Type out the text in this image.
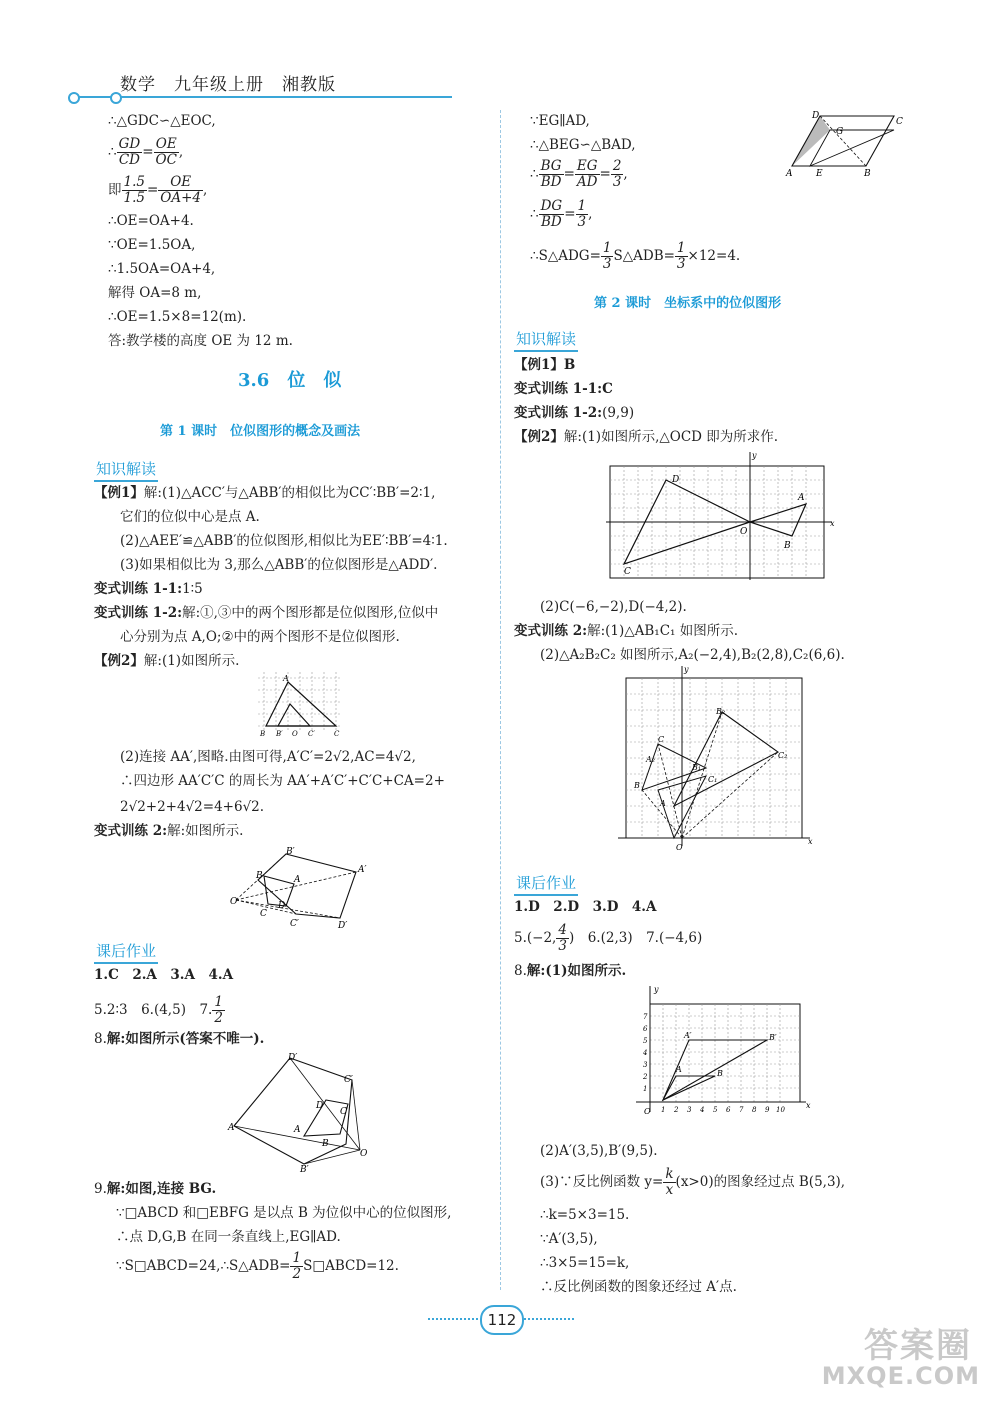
数学　九年级上册　湘教版
∴△GDC∽△EOC,
∴ $\frac{GD}{CD} = \frac{OE}{OC}$ ,
即 $\frac{1.5}{1.5} = \frac{OE}{OA+4}$ ,
∴OE=OA+4.
∵OE=1.5OA,
∴1.5OA=OA+4,
解得 OA=8 m,
∴OE=1.5×8=12(m).
答:教学楼的高度 OE 为 12 m.
3.6　位　似
第 1 课时　位似图形的概念及画法
知识解读
【例1】解:(1)△ACC′与△ABB′的相似比为CC′∶BB′=2∶1,
它们的位似中心是点 A.
(2)△AEE′≌△ABB′的位似图形,相似比为EE′∶BB′=4∶1.
(3)如果相似比为 3,那么△ABB′的位似图形是△ADD′.
变式训练 1-1:1∶5
变式训练 1-2:解:①,③中的两个图形都是位似图形,位似中
心分别为点 A,O;②中的两个图形不是位似图形.
【例2】解:(1)如图所示.
A
B B′ O C′	C
(2)连接 AA′,图略.由图可得,A′C′=2√2,AC=4√2,
∴四边形 AA′C′C 的周长为 AA′+A′C′+C′C+CA=2+
2√2+2+4√2=4+6√2.
变式训练 2:解:如图所示.
B′
B	A
A′
O	D
C
C′	D′
课后作业
1.C　2.A　3.A　4.A
5.2∶3　6.(4,5)　7. $\frac{1}{2}$
8.解:如图所示(答案不唯一).
D′
C′
D
C
A′	A
B
O
B′
9.解:如图,连接 BG.
∵□ABCD 和□EBFG 是以点 B 为位似中心的位似图形,
∴点 D,G,B 在同一条直线上,EG∥AD.
∵S□ABCD=24,∴S△ADB= $\frac{1}{2}$ S□ABCD=12.
∵EG∥AD,
∴△BEG∽△BAD,
∴ $\frac{BG}{BD} = \frac{EG}{AD} = \frac{2}{3}$ ,
∴ $\frac{DG}{BD} = \frac{1}{3}$ ,
∴S△ADG= $\frac{1}{3}$ S△ADB= $\frac{1}{3} \times 12=4$.
D
C
G
A	E	B
第 2 课时　坐标系中的位似图形
知识解读
【例1】B
变式训练 1-1:C
变式训练 1-2:(9,9)
【例2】解:(1)如图所示,△OCD 即为所求作.
y
x
D
A
O
B
C
(2)C(−6,−2),D(−4,2).
变式训练 2:解:(1)△AB₁C₁ 如图所示.
(2)△A₂B₂C₂ 如图所示,A₂(−2,4),B₂(2,8),C₂(6,6).
y
x
B₂
C₂
C
A₂
B₁
A
B
C₁
O
课后作业
1.D　2.D　3.D　4.A
5.(−2, $\frac{4}{3}$ )　6.(2,3)　7.(−4,6)
8.解:(1)如图所示.
y
x
A′	B′
A	B
O 1 2 3 4 5 6 7 8 9 10
1
2
3
4
5
6
7
(2)A′(3,5),B′(9,5).
(3)∵反比例函数 $y= \frac{k}{x} (x>0)$的图象经过点 B(5,3),
∴k=5×3=15.
∵A′(3,5),
∴3×5=15=k,
∴反比例函数的图象还经过 A′点.
112
答案圈
MXQE.COM
